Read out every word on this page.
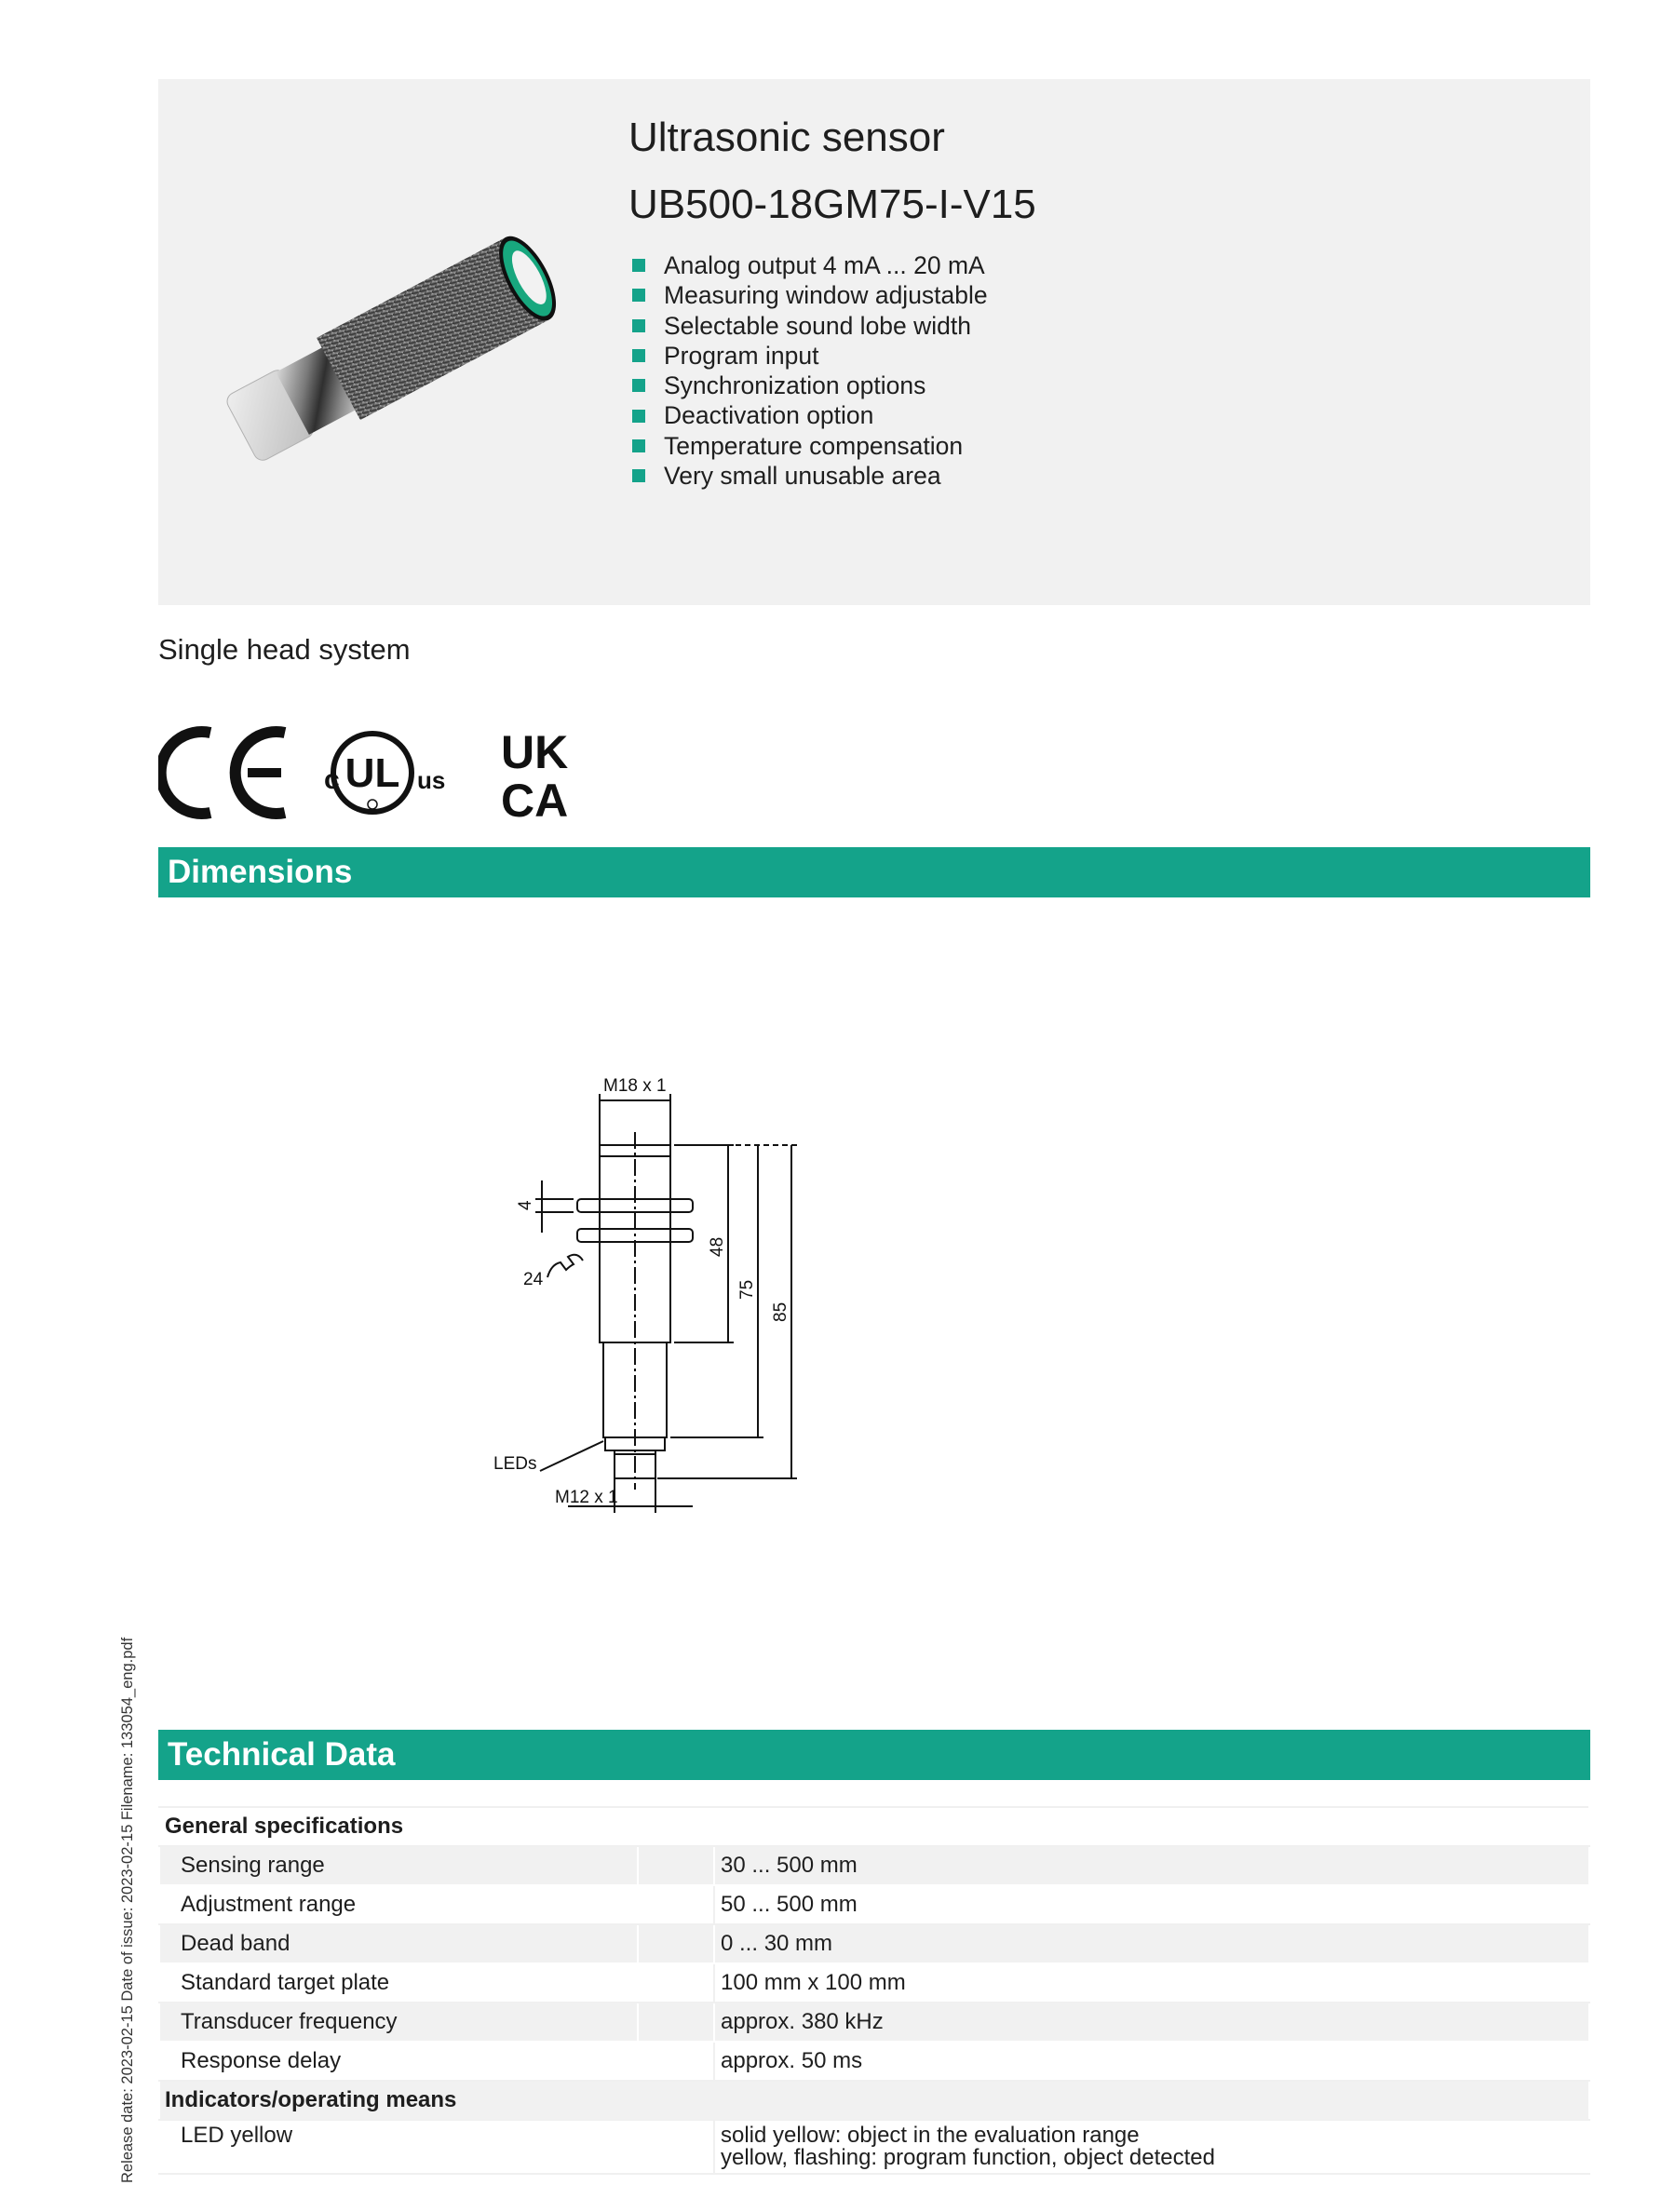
Ultrasonic sensor
UB500-18GM75-I-V15
Analog output 4 mA ... 20 mA
Measuring window adjustable
Selectable sound lobe width
Program input
Synchronization options
Deactivation option
Temperature compensation
Very small unusable area
Single head system
c UL us
UK
CA
Dimensions
M18 x 1
M12 x 1
LEDs
4
24
48
75
85
Release date: 2023-02-15 Date of issue: 2023-02-15 Filename: 133054_eng.pdf Technical Data
General specifications		
Sensing range		30 ... 500 mm
Adjustment range		50 ... 500 mm
Dead band		0 ... 30 mm
Standard target plate		100 mm x 100 mm
Transducer frequency		approx. 380 kHz
Response delay		approx. 50 ms
Indicators/operating means		
LED yellow		solid yellow: object in the evaluation range
yellow, flashing: program function, object detected
